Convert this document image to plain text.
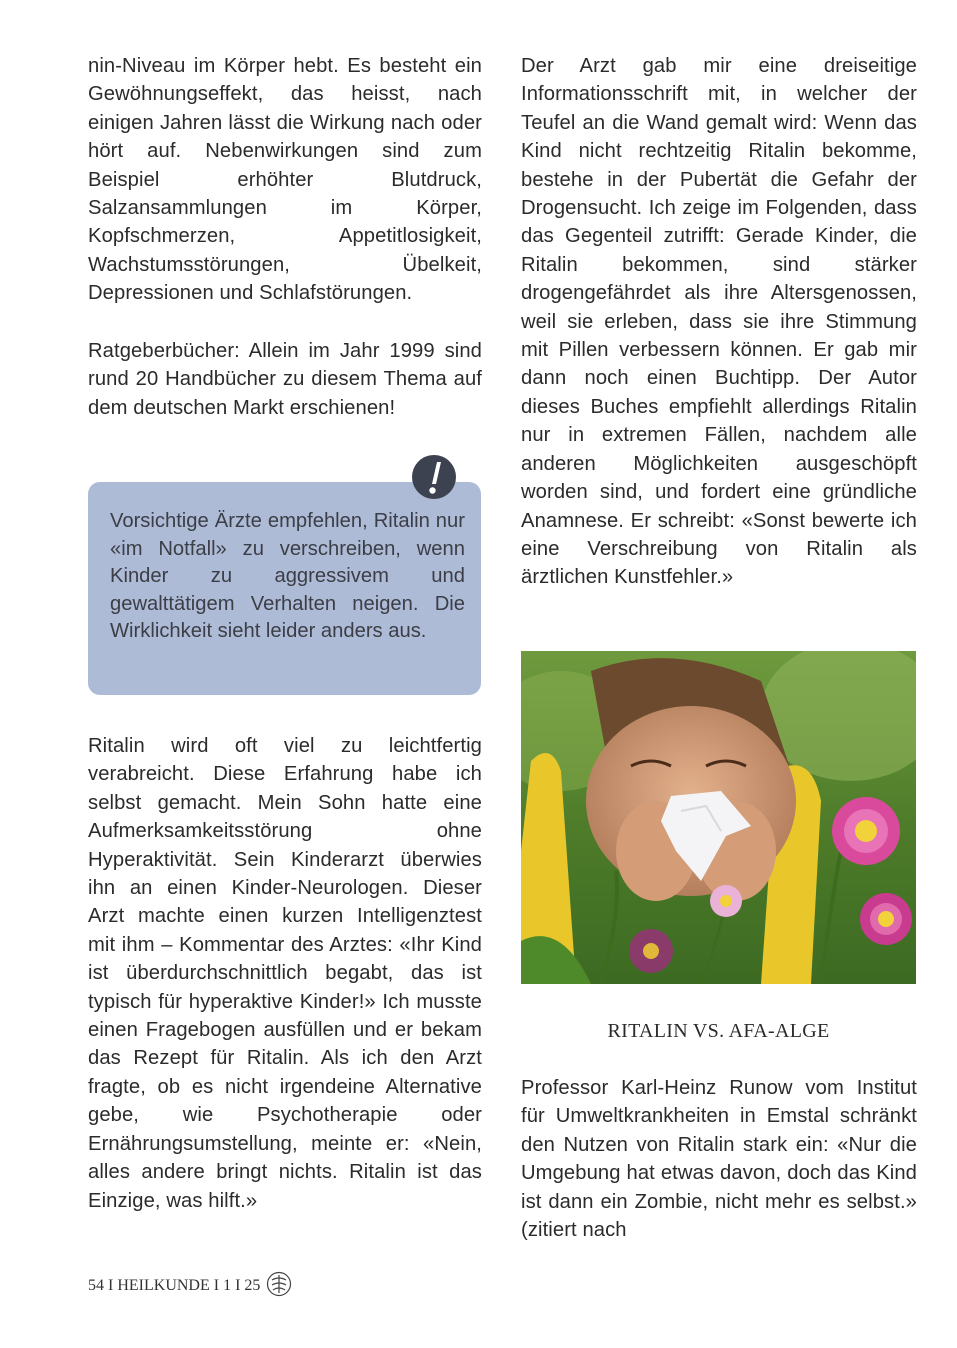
nin-Niveau im Körper hebt. Es besteht ein Gewöhnungseffekt, das heisst, nach einigen Jahren lässt die Wirkung nach oder hört auf. Nebenwirkungen sind zum Beispiel erhöhter Blutdruck, Salzansammlungen im Körper, Kopfschmerzen, Appetitlosigkeit, Wachstumsstörungen, Übelkeit, Depressionen und Schlafstörungen.

Ratgeberbücher: Allein im Jahr 1999 sind rund 20 Handbücher zu diesem Thema auf dem deutschen Markt erschienen!

Ritalin wird oft viel zu leichtfertig verabreicht. Diese Erfahrung habe ich selbst gemacht. Mein Sohn hatte eine Aufmerksamkeitsstörung ohne Hyperaktivität. Sein Kinderarzt überwies ihn an einen Kinder-Neurologen. Dieser Arzt machte einen kurzen Intelligenztest mit ihm – Kommentar des Arztes: «Ihr Kind ist überdurchschnittlich begabt, das ist typisch für hyperaktive Kinder!» Ich musste einen Fragebogen ausfüllen und er bekam das Rezept für Ritalin. Als ich den Arzt fragte, ob es nicht irgendeine Alternative gebe, wie Psychotherapie oder Ernährungsumstellung, meinte er: «Nein, alles andere bringt nichts. Ritalin ist das Einzige, was hilft.»

Vorsichtige Ärzte empfehlen, Ritalin nur «im Notfall» zu verschreiben, wenn Kinder zu aggressivem und gewalttätigem Verhalten neigen. Die Wirklichkeit sieht leider anders aus.

Der Arzt gab mir eine dreiseitige Informationsschrift mit, in welcher der Teufel an die Wand gemalt wird: Wenn das Kind nicht rechtzeitig Ritalin bekomme, bestehe in der Pubertät die Gefahr der Drogensucht. Ich zeige im Folgenden, dass das Gegenteil zutrifft: Gerade Kinder, die Ritalin bekommen, sind stärker drogengefährdet als ihre Altersgenossen, weil sie erleben, dass sie ihre Stimmung mit Pillen verbessern können. Er gab mir dann noch einen Buchtipp. Der Autor dieses Buches empfiehlt allerdings Ritalin nur in extremen Fällen, nachdem alle anderen Möglichkeiten ausgeschöpft worden sind, und fordert eine gründliche Anamnese. Er schreibt: «Sonst bewerte ich eine Verschreibung von Ritalin als ärztlichen Kunstfehler.»

RITALIN VS. AFA-ALGE

Professor Karl-Heinz Runow vom Institut für Umweltkrankheiten in Emstal schränkt den Nutzen von Ritalin stark ein: «Nur die Umgebung hat etwas davon, doch das Kind ist dann ein Zombie, nicht mehr es selbst.» (zitiert nach

54 I HEILKUNDE I 1 I 25
